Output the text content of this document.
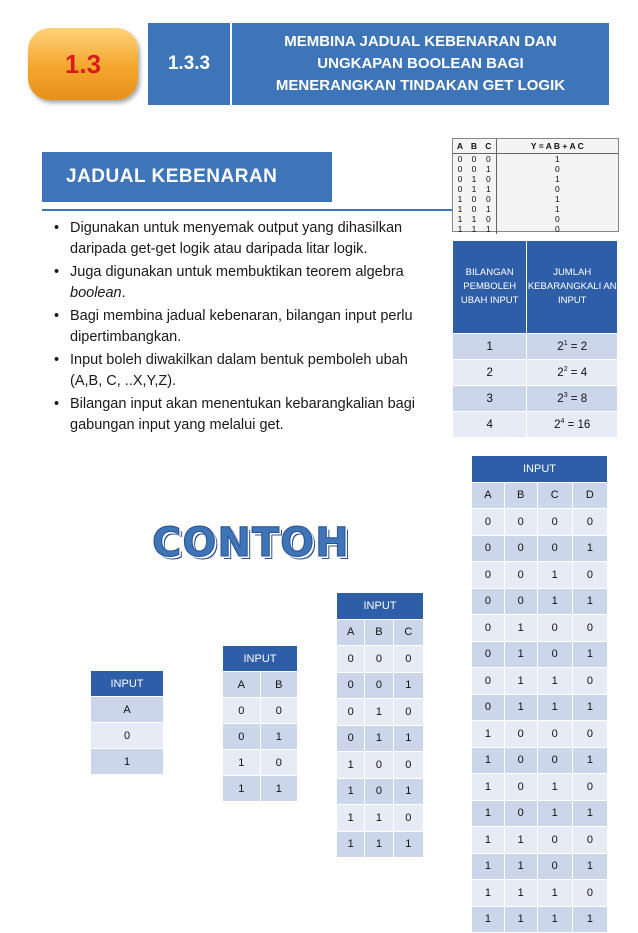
1.3	1.3.3
MEMBINA JADUAL KEBENARAN DAN
UNGKAPAN BOOLEAN BAGI
MENERANGKAN TINDAKAN GET LOGIK
JADUAL KEBENARAN
• Digunakan untuk menyemak output yang dihasilkan daripada get-get logik atau daripada litar logik.
• Juga digunakan untuk membuktikan teorem algebra boolean.
• Bagi membina jadual kebenaran, bilangan input perlu dipertimbangkan.
• Input boleh diwakilkan dalam bentuk pemboleh ubah (A,B, C, ..X,Y,Z).
• Bilangan input akan menentukan kebarangkalian bagi gabungan input yang melalui get.
A	B	C	Y = A B + A C
0	0	0	1
0	0	1	0
0	1	0	1
0	1	1	0
1	0	0	1
1	0	1	1
1	1	0	0
1	1	1	0
BILANGAN PEMBOLEH UBAH INPUT	JUMLAH KEBARANGKALI AN INPUT
1	$2^1 = 2$
2	$2^2 = 4$
3	$2^3 = 8$
4	$2^4 = 16$
CONTOH
INPUT
A
0
1
INPUT	
A	B
0	0
0	1
1	0
1	1
INPUT		
A	B	C
0	0	0
0	0	1
0	1	0
0	1	1
1	0	0
1	0	1
1	1	0
1	1	1
INPUT			
A	B	C	D
0	0	0	0
0	0	0	1
0	0	1	0
0	0	1	1
0	1	0	0
0	1	0	1
0	1	1	0
0	1	1	1
1	0	0	0
1	0	0	1
1	0	1	0
1	0	1	1
1	1	0	0
1	1	0	1
1	1	1	0
1	1	1	1
